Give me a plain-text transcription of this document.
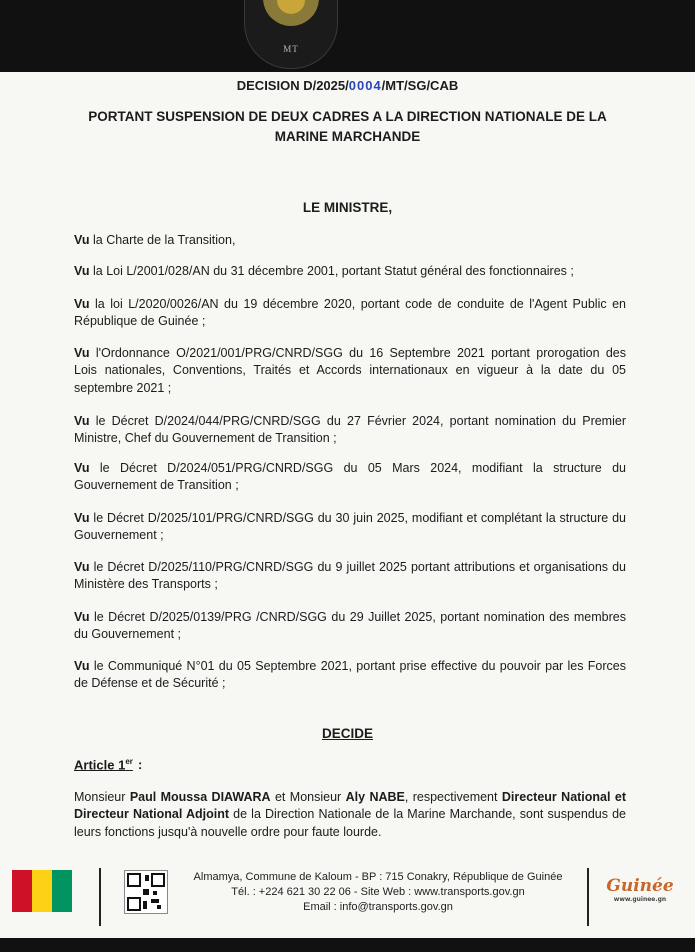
MT
DECISION D/2025/0004/MT/SG/CAB
PORTANT SUSPENSION DE DEUX CADRES A LA DIRECTION NATIONALE DE LA MARINE MARCHANDE
LE MINISTRE,
Vu la Charte de la Transition,
Vu la Loi L/2001/028/AN du 31 décembre 2001, portant Statut général des fonctionnaires ;
Vu la loi L/2020/0026/AN du 19 décembre 2020, portant code de conduite de l'Agent Public en République de Guinée ;
Vu l'Ordonnance O/2021/001/PRG/CNRD/SGG du 16 Septembre 2021 portant prorogation des Lois nationales, Conventions, Traités et Accords internationaux en vigueur à la date du 05 septembre 2021 ;
Vu le Décret D/2024/044/PRG/CNRD/SGG du 27 Février 2024, portant nomination du Premier Ministre, Chef du Gouvernement de Transition ;
Vu le Décret D/2024/051/PRG/CNRD/SGG du 05 Mars 2024, modifiant la structure du Gouvernement de Transition ;
Vu le Décret D/2025/101/PRG/CNRD/SGG du 30 juin 2025, modifiant et complétant la structure du Gouvernement ;
Vu le Décret D/2025/110/PRG/CNRD/SGG du 9 juillet 2025 portant attributions et organisations du Ministère des Transports ;
Vu le Décret D/2025/0139/PRG /CNRD/SGG du 29 Juillet 2025, portant nomination des membres du Gouvernement ;
Vu le Communiqué N°01 du 05 Septembre 2021, portant prise effective du pouvoir par les Forces de Défense et de Sécurité ;
DECIDE
Article 1er :
Monsieur Paul Moussa DIAWARA et Monsieur Aly NABE, respectivement Directeur National et Directeur National Adjoint de la Direction Nationale de la Marine Marchande, sont suspendus de leurs fonctions jusqu'à nouvelle ordre pour faute lourde.
Almamya, Commune de Kaloum - BP : 715 Conakry, République de Guinée
Tél. : +224 621 30 22 06 - Site Web : www.transports.gov.gn
Email : info@transports.gov.gn
Guinée
www.guinee.gn
